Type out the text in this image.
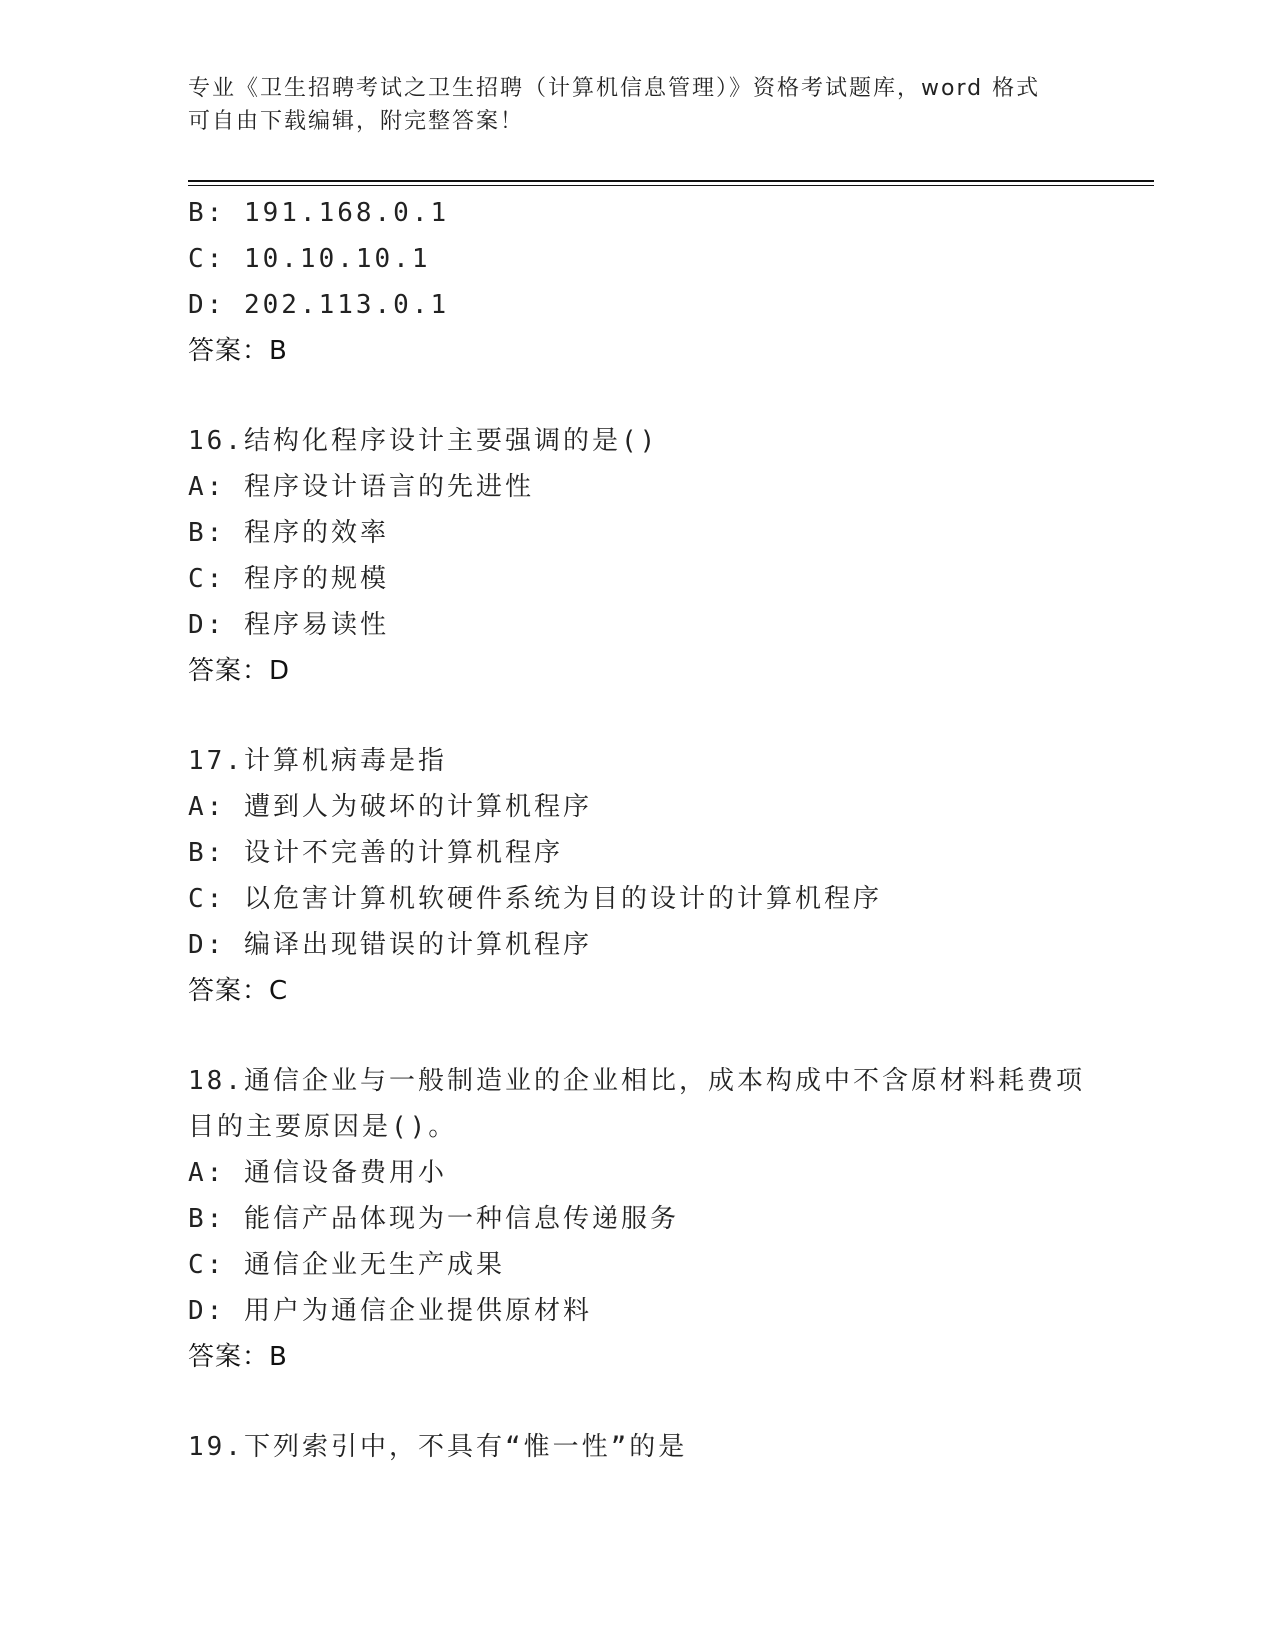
专业《卫生招聘考试之卫生招聘（计算机信息管理）》资格考试题库，word 格式
可自由下载编辑，附完整答案！
B: 191.168.0.1
C: 10.10.10.1
D: 202.113.0.1
答案：B
16.结构化程序设计主要强调的是()
A: 程序设计语言的先进性
B: 程序的效率
C: 程序的规模
D: 程序易读性
答案：D
17.计算机病毒是指
A: 遭到人为破坏的计算机程序
B: 设计不完善的计算机程序
C: 以危害计算机软硬件系统为目的设计的计算机程序
D: 编译出现错误的计算机程序
答案：C
18.通信企业与一般制造业的企业相比，成本构成中不含原材料耗费项目的主要原因是()。
A: 通信设备费用小
B: 能信产品体现为一种信息传递服务
C: 通信企业无生产成果
D: 用户为通信企业提供原材料
答案：B
19.下列索引中，不具有“惟一性”的是
